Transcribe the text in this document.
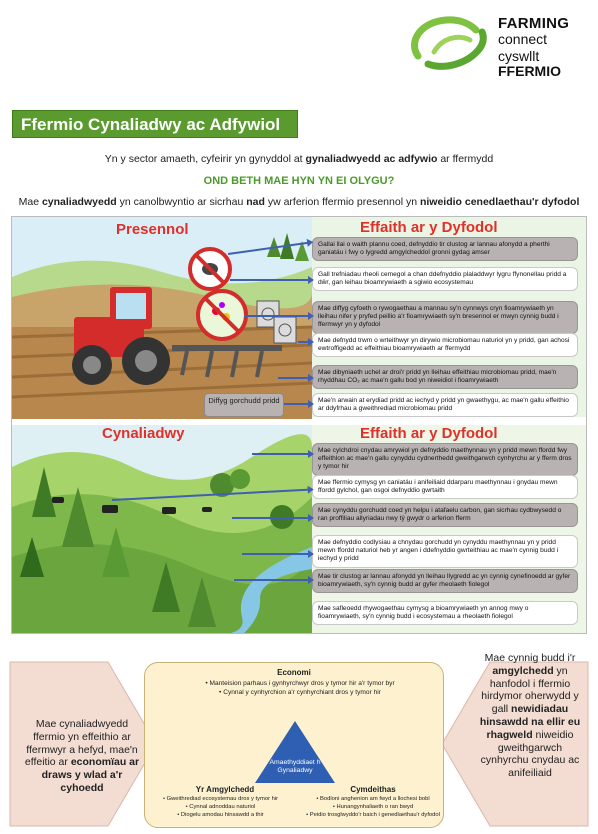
FARMING
connect
cyswllt
FFERMIO
Ffermio Cynaliadwy ac Adfywiol
Yn y sector amaeth, cyfeirir yn gynyddol at gynaliadwyedd ac adfywio ar ffermydd
OND BETH MAE HYN YN EI OLYGU?
Mae cynaliadwyedd yn canolbwyntio ar sicrhau nad yw arferion ffermio presennol yn niweidio cenedlaethau'r dyfodol
Presennol	Effaith ar y Dyfodol
Diffyg gorchudd pridd
Gallai llai o waith plannu coed, defnyddio tir clustog ar lannau afonydd a pherthi ganiatáu i fwy o lygredd amgylcheddol gronni gydag amser
Gall trefniadau rheoli cemegol a chan ddefnyddio plaladdwyr lygru ffynonellau pridd a dŵr, gan leihau bioamrywiaeth a sgiwio ecosystemau
Mae diffyg cyfoeth o rywogaethau a mannau sy'n cynnwys cryn fioamrywiaeth yn lleihau nifer y pryfed peillio a'r fioamrywiaeth sy'n bresennol er mwyn cynnig budd i ffermwyr yn y dyfodol
Mae defnydd trwm o wrteithwyr yn dirywio microbiomau naturiol yn y pridd, gan achosi ewtroffigedd ac effeithiau bioamrywiaeth ar ffermydd
Mae dibyniaeth uchel ar droi'r pridd yn lleihau effeithiau microbiomau pridd, mae'n rhyddhau CO₂ ac mae'n gallu bod yn niweidiol i fioamrywiaeth
Mae'n arwain at erydiad pridd ac iechyd y pridd yn gwaethygu, ac mae'n gallu effeithio ar ddyfrhau a gweithrediad microbiomau pridd
Cynaliadwy	Effaith ar y Dyfodol
Mae cylchdroi cnydau amrywiol yn defnyddio maethynnau yn y pridd mewn ffordd fwy effeithlon ac mae'n gallu cynyddu cydnerthedd gweithgarwch cynhyrchu ar y fferm dros y tymor hir
Mae ffermio cymysg yn caniatáu i anifeiliaid ddarparu maethynnau i gnydau mewn ffordd gylchol, gan osgoi defnyddio gwrtaith
Mae cynyddu gorchudd coed yn helpu i atafaelu carbon, gan sicrhau cydbwysedd o ran proffiliau allyriadau nwy tŷ gwydr o arferion fferm
Mae defnyddio codlysiau a chnydau gorchudd yn cynyddu maethynnau yn y pridd mewn ffordd naturiol heb yr angen i ddefnyddio gwrteithiau ac mae'n cynnig budd i iechyd y pridd
Mae tir clustog ar lannau afonydd yn lleihau llygredd ac yn cynnig cynefinoedd ar gyfer bioamrywiaeth, sy'n cynnig budd ar gyfer rheolaeth fiolegol
Mae safleoedd rhywogaethau cymysg a bioamrywiaeth yn annog mwy o fioamrywiaeth, sy'n cynnig budd i ecosystemau a rheolaeth fiolegol
Economi
• Manteision parhaus i gynhyrchwyr dros y tymor hir a'r tymor byr
• Cynnal y cynhyrchion a'r cynhyrchiant dros y tymor hir
Amaethyddiaet h Gynaliadwy
Yr Amgylchedd
• Gweithrediad ecosystemau dros y tymor hir
• Cynnal adnoddau naturiol
• Diogelu amodau hinsawdd a thir
Cymdeithas
• Bodloni anghenion am fwyd a llochesi bobl
• Hunangynhaliaeth o ran bwyd
• Peidio trosglwyddo'r baich i genedlaethau'r dyfodol
Mae cynaliadwyedd ffermio yn effeithio ar ffermwyr a hefyd, mae'n effeitio ar economïau ar draws y wlad a'r cyhoedd
Mae cynnig budd i'r amgylchedd yn hanfodol i ffermio hirdymor oherwydd y gall newidiadau hinsawdd na ellir eu rhagweld niweidio gweithgarwch cynhyrchu cnydau ac anifeiliaid
